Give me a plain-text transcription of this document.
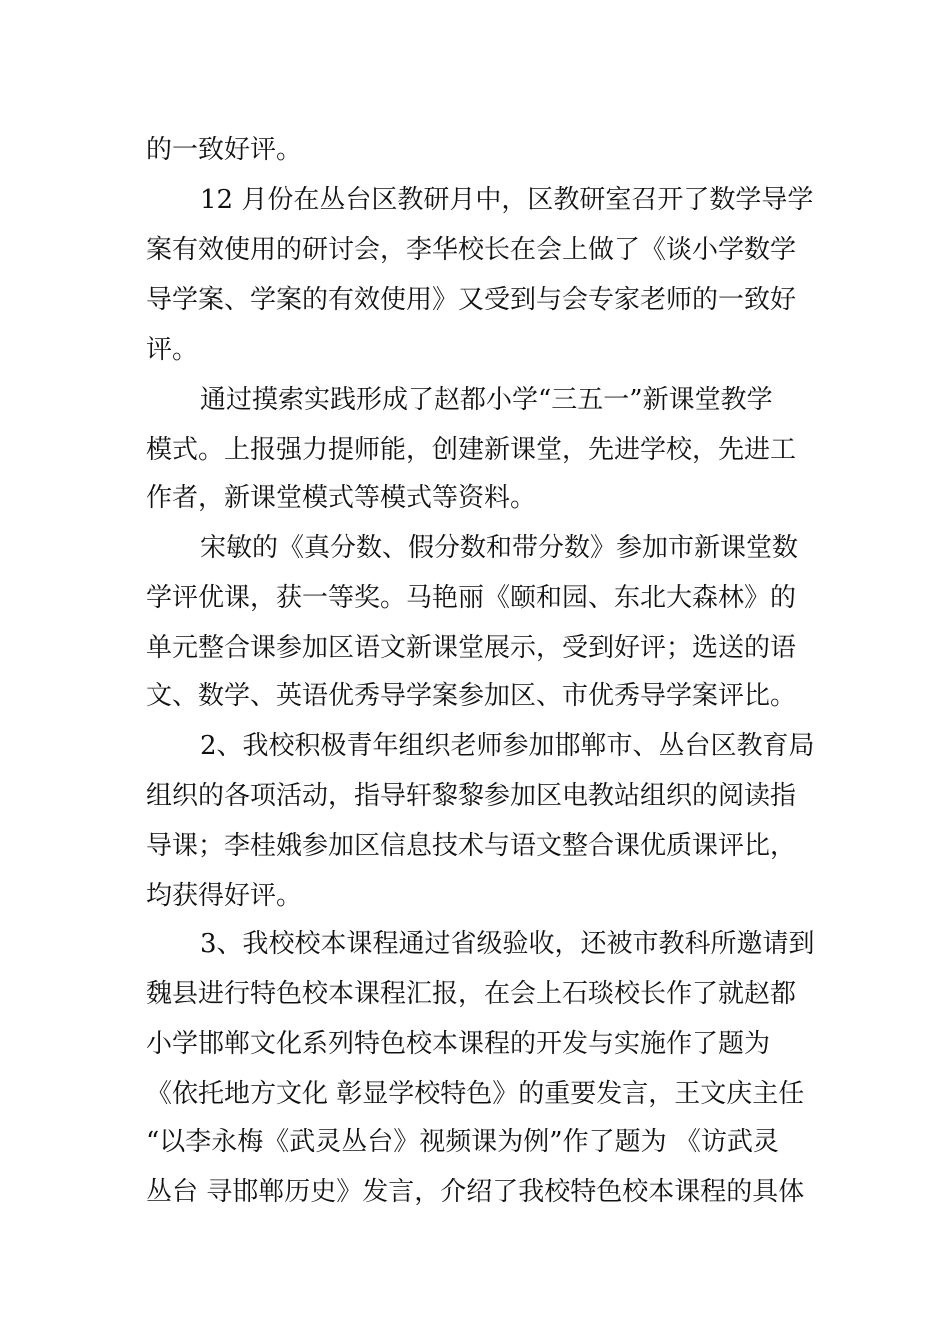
的一致好评。
12 月份在丛台区教研月中，区教研室召开了数学导学
案有效使用的研讨会，李华校长在会上做了《谈小学数学
导学案、学案的有效使用》又受到与会专家老师的一致好
评。
通过摸索实践形成了赵都小学“三五一”新课堂教学
模式。上报强力提师能，创建新课堂，先进学校，先进工
作者，新课堂模式等模式等资料。
宋敏的《真分数、假分数和带分数》参加市新课堂数
学评优课，获一等奖。马艳丽《颐和园、东北大森林》的
单元整合课参加区语文新课堂展示，受到好评；选送的语
文、数学、英语优秀导学案参加区、市优秀导学案评比。
2、我校积极青年组织老师参加邯郸市、丛台区教育局
组织的各项活动，指导轩黎黎参加区电教站组织的阅读指
导课；李桂娥参加区信息技术与语文整合课优质课评比，
均获得好评。
3、我校校本课程通过省级验收，还被市教科所邀请到
魏县进行特色校本课程汇报，在会上石琰校长作了就赵都
小学邯郸文化系列特色校本课程的开发与实施作了题为
《依托地方文化 彰显学校特色》的重要发言，王文庆主任
“以李永梅《武灵丛台》视频课为例”作了题为 《访武灵
丛台 寻邯郸历史》发言，介绍了我校特色校本课程的具体
